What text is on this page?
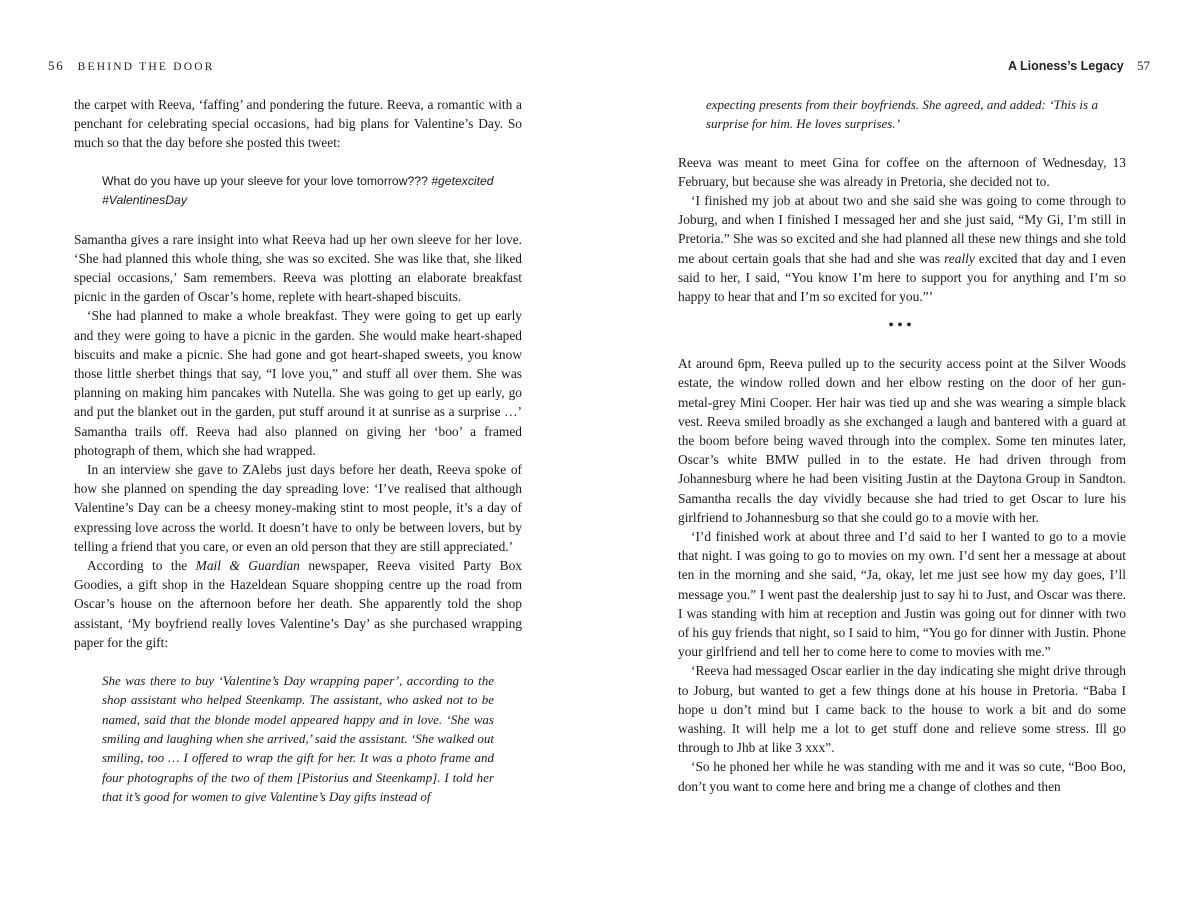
56 BEHIND THE DOOR

the carpet with Reeva, ‘faffing’ and pondering the future. Reeva, a romantic with a penchant for celebrating special occasions, had big plans for Valentine’s Day. So much so that the day before she posted this tweet:

What do you have up your sleeve for your love tomorrow??? #getexcited
#ValentinesDay

Samantha gives a rare insight into what Reeva had up her own sleeve for her love. ‘She had planned this whole thing, she was so excited. She was like that, she liked special occasions,’ Sam remembers. Reeva was plotting an elaborate breakfast picnic in the garden of Oscar’s home, replete with heart-shaped biscuits.

‘She had planned to make a whole breakfast. They were going to get up early and they were going to have a picnic in the garden. She would make heart-shaped biscuits and make a picnic. She had gone and got heart-shaped sweets, you know those little sherbet things that say, “I love you,” and stuff all over them. She was planning on making him pancakes with Nutella. She was going to get up early, go and put the blanket out in the garden, put stuff around it at sunrise as a surprise …’ Samantha trails off. Reeva had also planned on giving her ‘boo’ a framed photograph of them, which she had wrapped.

In an interview she gave to ZAlebs just days before her death, Reeva spoke of how she planned on spending the day spreading love: ‘I’ve realised that although Valentine’s Day can be a cheesy money-making stint to most people, it’s a day of expressing love across the world. It doesn’t have to only be between lovers, but by telling a friend that you care, or even an old person that they are still appreciated.’

According to the Mail & Guardian newspaper, Reeva visited Party Box Goodies, a gift shop in the Hazeldean Square shopping centre up the road from Oscar’s house on the afternoon before her death. She apparently told the shop assistant, ‘My boyfriend really loves Valentine’s Day’ as she purchased wrapping paper for the gift:

She was there to buy ‘Valentine’s Day wrapping paper’, according to the shop assistant who helped Steenkamp. The assistant, who asked not to be named, said that the blonde model appeared happy and in love. ‘She was smiling and laughing when she arrived,’ said the assistant. ‘She walked out smiling, too … I offered to wrap the gift for her. It was a photo frame and four photographs of the two of them [Pistorius and Steenkamp]. I told her that it’s good for women to give Valentine’s Day gifts instead of

A Lioness’s Legacy 57

expecting presents from their boyfriends. She agreed, and added: ‘This is a surprise for him. He loves surprises.’

Reeva was meant to meet Gina for coffee on the afternoon of Wednesday, 13 February, but because she was already in Pretoria, she decided not to.

‘I finished my job at about two and she said she was going to come through to Joburg, and when I finished I messaged her and she just said, “My Gi, I’m still in Pretoria.” She was so excited and she had planned all these new things and she told me about certain goals that she had and she was really excited that day and I even said to her, I said, “You know I’m here to support you for anything and I’m so happy to hear that and I’m so excited for you.”’

•••

At around 6pm, Reeva pulled up to the security access point at the Silver Woods estate, the window rolled down and her elbow resting on the door of her gun-metal-grey Mini Cooper. Her hair was tied up and she was wearing a simple black vest. Reeva smiled broadly as she exchanged a laugh and bantered with a guard at the boom before being waved through into the complex. Some ten minutes later, Oscar’s white BMW pulled in to the estate. He had driven through from Johannesburg where he had been visiting Justin at the Daytona Group in Sandton. Samantha recalls the day vividly because she had tried to get Oscar to lure his girlfriend to Johannesburg so that she could go to a movie with her.

‘I’d finished work at about three and I’d said to her I wanted to go to a movie that night. I was going to go to movies on my own. I’d sent her a message at about ten in the morning and she said, “Ja, okay, let me just see how my day goes, I’ll message you.” I went past the dealership just to say hi to Just, and Oscar was there. I was standing with him at reception and Justin was going out for dinner with two of his guy friends that night, so I said to him, “You go for dinner with Justin. Phone your girlfriend and tell her to come here to come to movies with me.”

‘Reeva had messaged Oscar earlier in the day indicating she might drive through to Joburg, but wanted to get a few things done at his house in Pretoria. “Baba I hope u don’t mind but I came back to the house to work a bit and do some washing. It will help me a lot to get stuff done and relieve some stress. Ill go through to Jhb at like 3 xxx”.

‘So he phoned her while he was standing with me and it was so cute, “Boo Boo, don’t you want to come here and bring me a change of clothes and then
